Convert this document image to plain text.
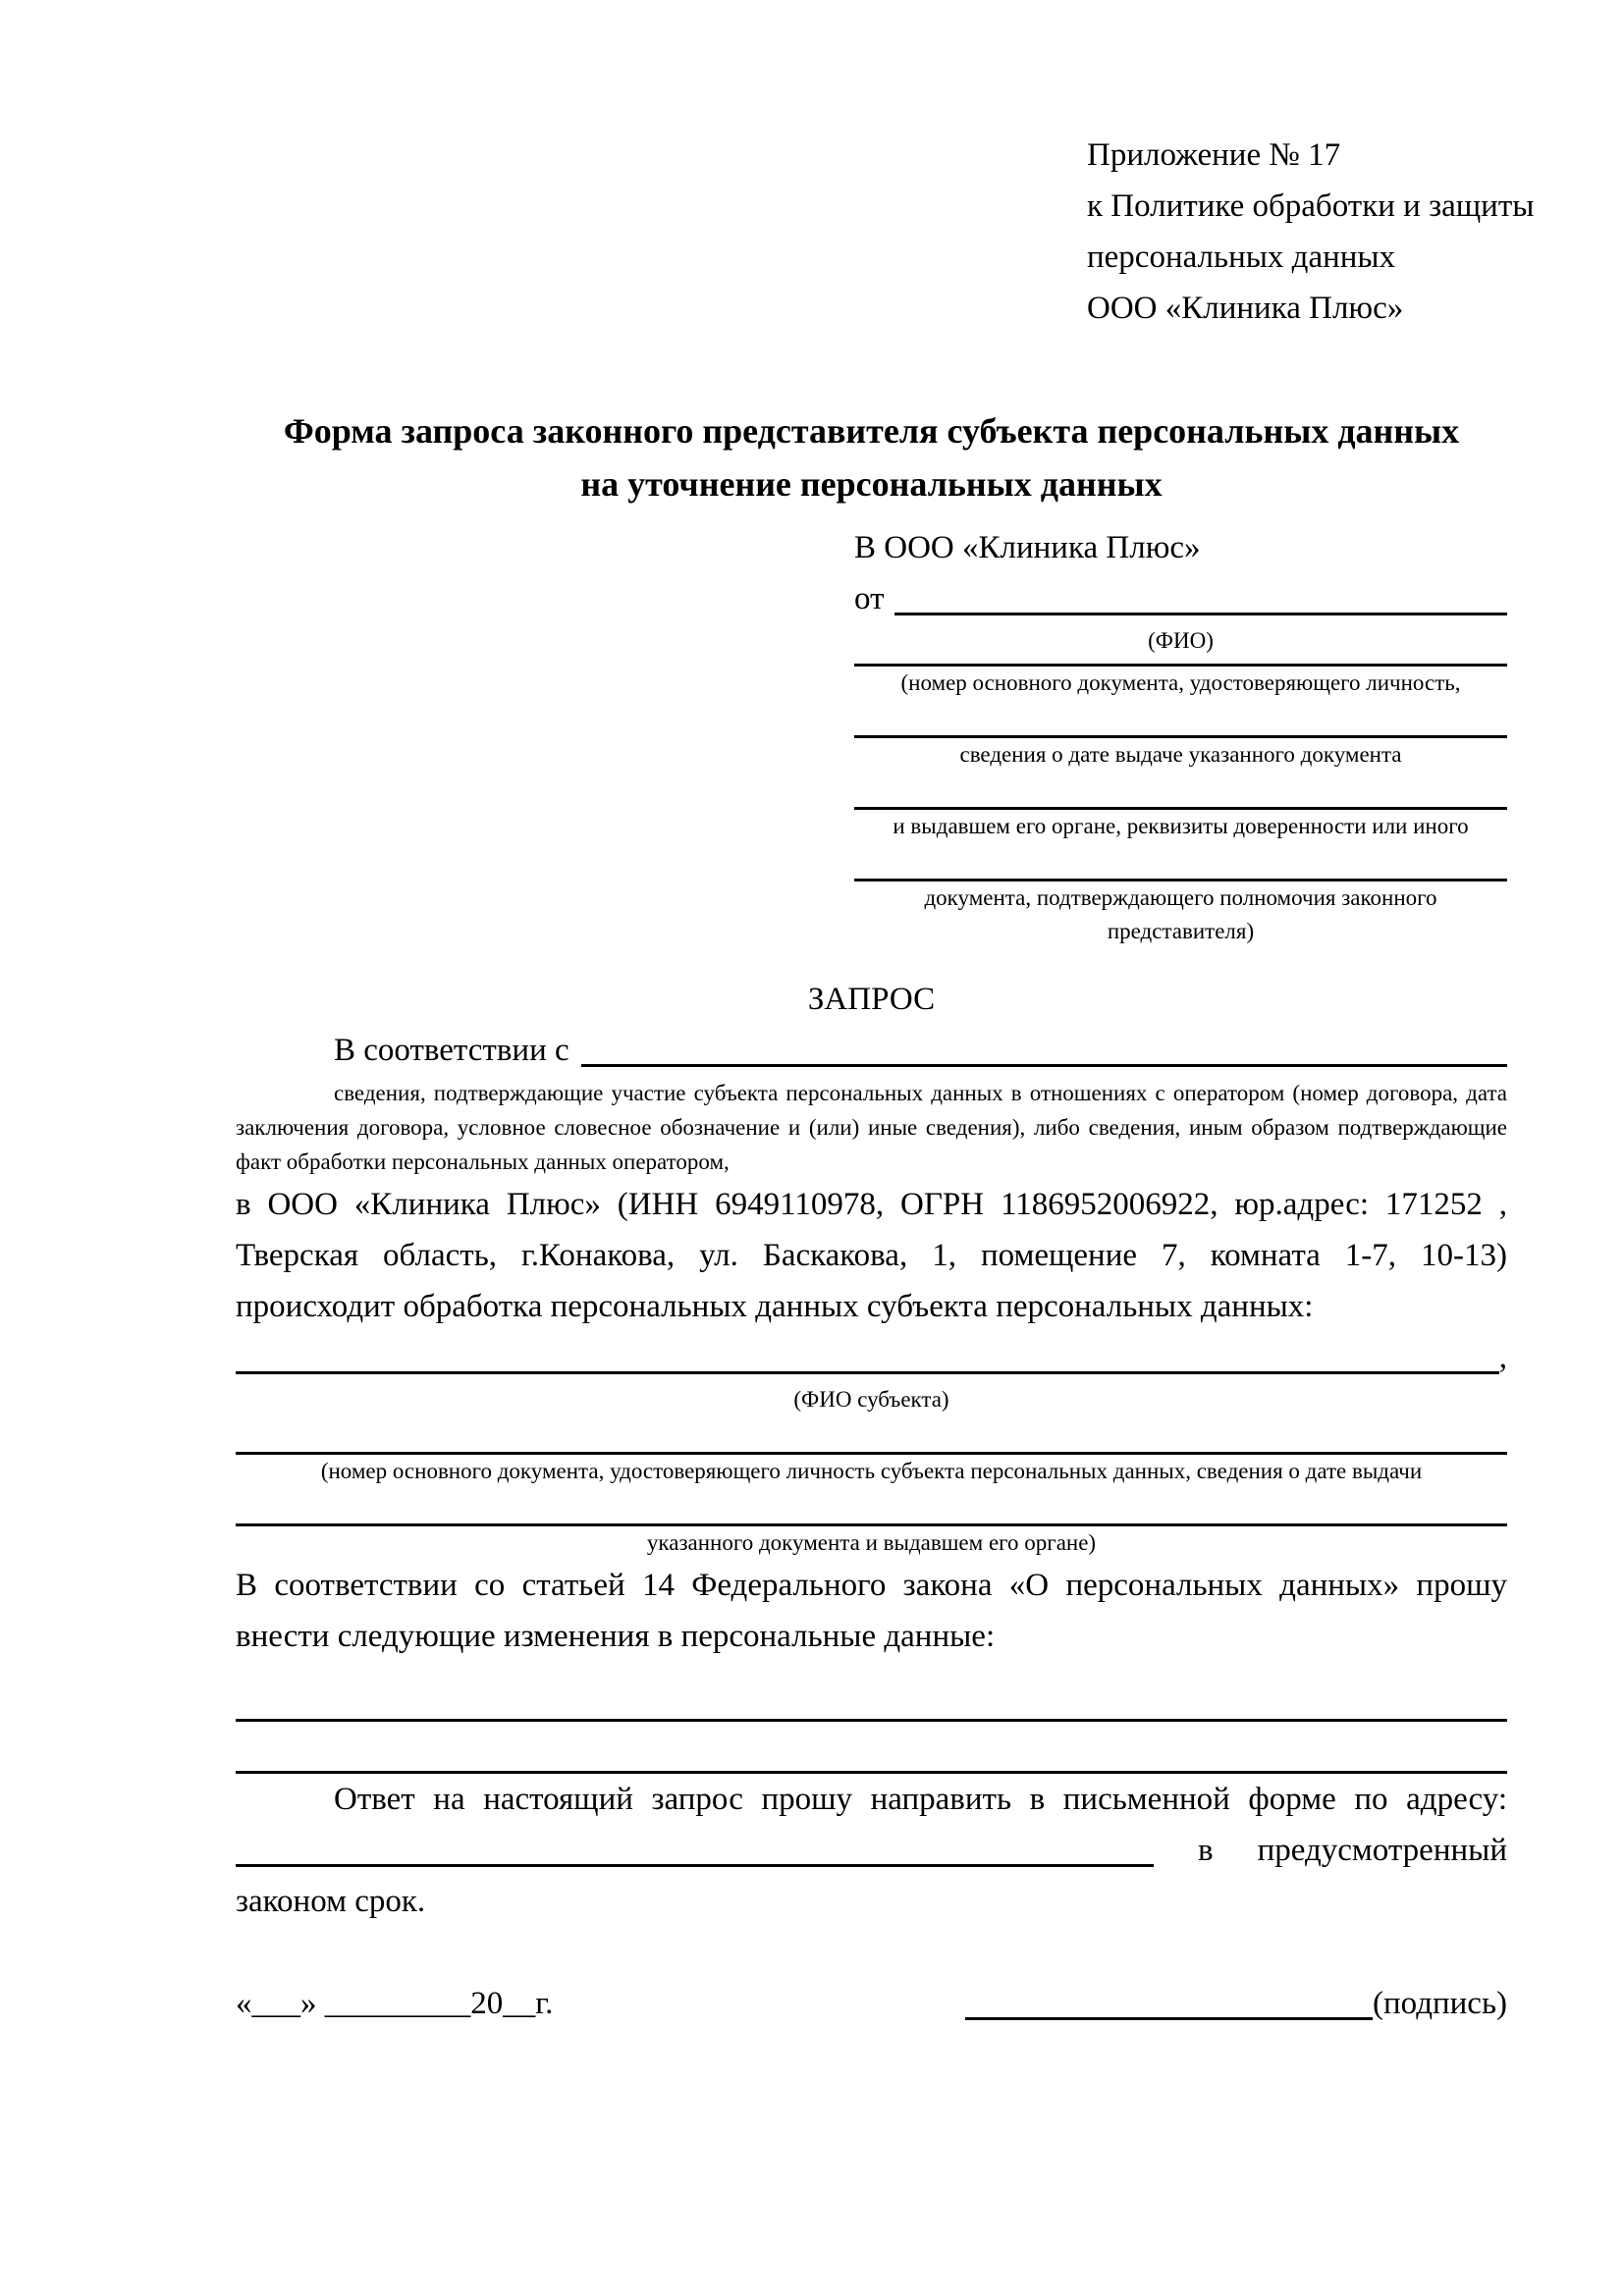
Приложение № 17
к Политике обработки и защиты
персональных данных
ООО «Клиника Плюс»
Форма запроса законного представителя субъекта персональных данных
на уточнение персональных данных
В ООО «Клиника Плюс»
от
(ФИО)
(номер основного документа, удостоверяющего личность,
сведения о дате выдаче указанного документа
и выдавшем его органе, реквизиты доверенности или иного
документа, подтверждающего полномочия законного представителя)
ЗАПРОС
В соответствии с
сведения, подтверждающие участие субъекта персональных данных в отношениях с оператором (номер договора, дата заключения договора, условное словесное обозначение и (или) иные сведения), либо сведения, иным образом подтверждающие факт обработки персональных данных оператором,
в ООО «Клиника Плюс» (ИНН 6949110978, ОГРН 1186952006922, юр.адрес: 171252 , Тверская область, г.Конакова, ул. Баскакова, 1, помещение 7, комната 1-7, 10-13) происходит обработка персональных данных субъекта персональных данных:
,
(ФИО субъекта)
(номер основного документа, удостоверяющего личность субъекта персональных данных, сведения о дате выдачи
указанного документа и выдавшем его органе)
В соответствии со статьей 14 Федерального закона «О персональных данных» прошу внести следующие изменения в персональные данные:
Ответ на настоящий запрос прошу направить в письменной форме по адресу:
в предусмотренный
законом срок.
«___» _________20__г.	(подпись)
